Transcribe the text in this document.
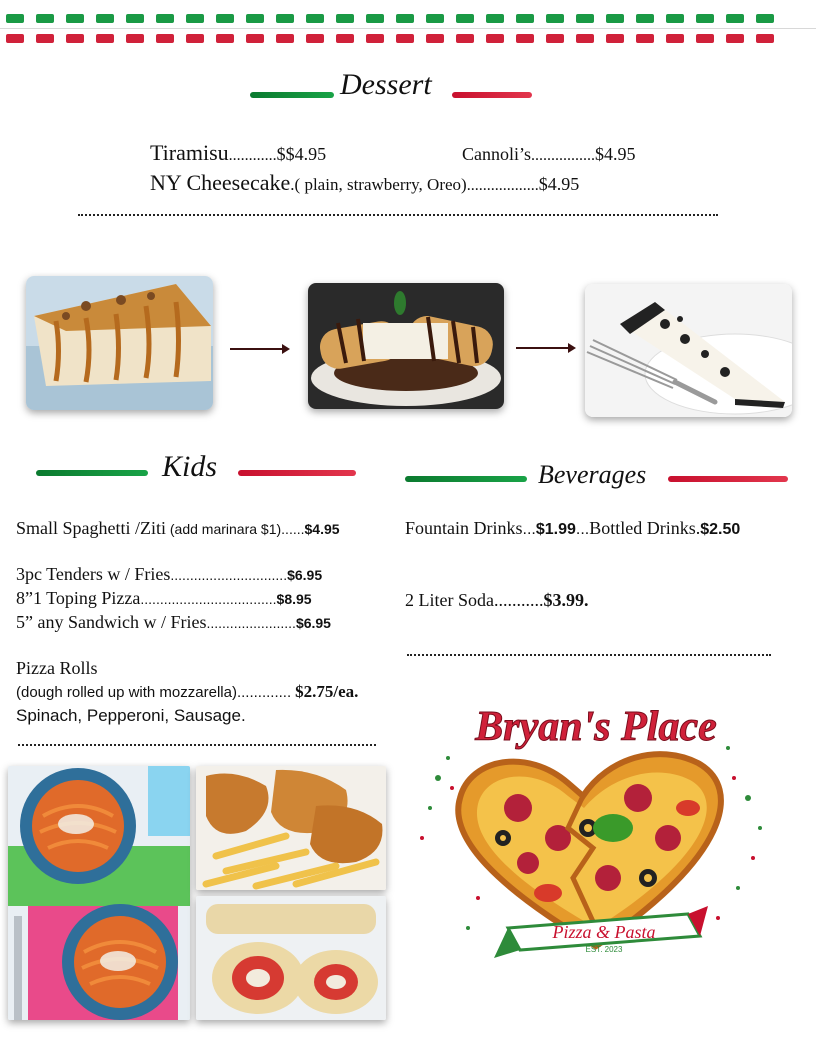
Dessert
Tiramisu............$$4.95	Cannoli’s................$4.95
NY Cheesecake.( plain, strawberry, Oreo)..................$4.95
Kids	Beverages
Small Spaghetti /Ziti (add marinara $1)......$4.95
3pc Tenders w / Fries..............................$6.95
8”1 Toping Pizza...................................$8.95
5” any Sandwich w / Fries.......................$6.95
Pizza Rolls
(dough rolled up with mozzarella)............. $2.75/ea.
Spinach, Pepperoni, Sausage.
Fountain Drinks...$1.99...Bottled Drinks.$2.50
2 Liter Soda...........$3.99.
Bryan's Place
Pizza & Pasta
EST. 2023
